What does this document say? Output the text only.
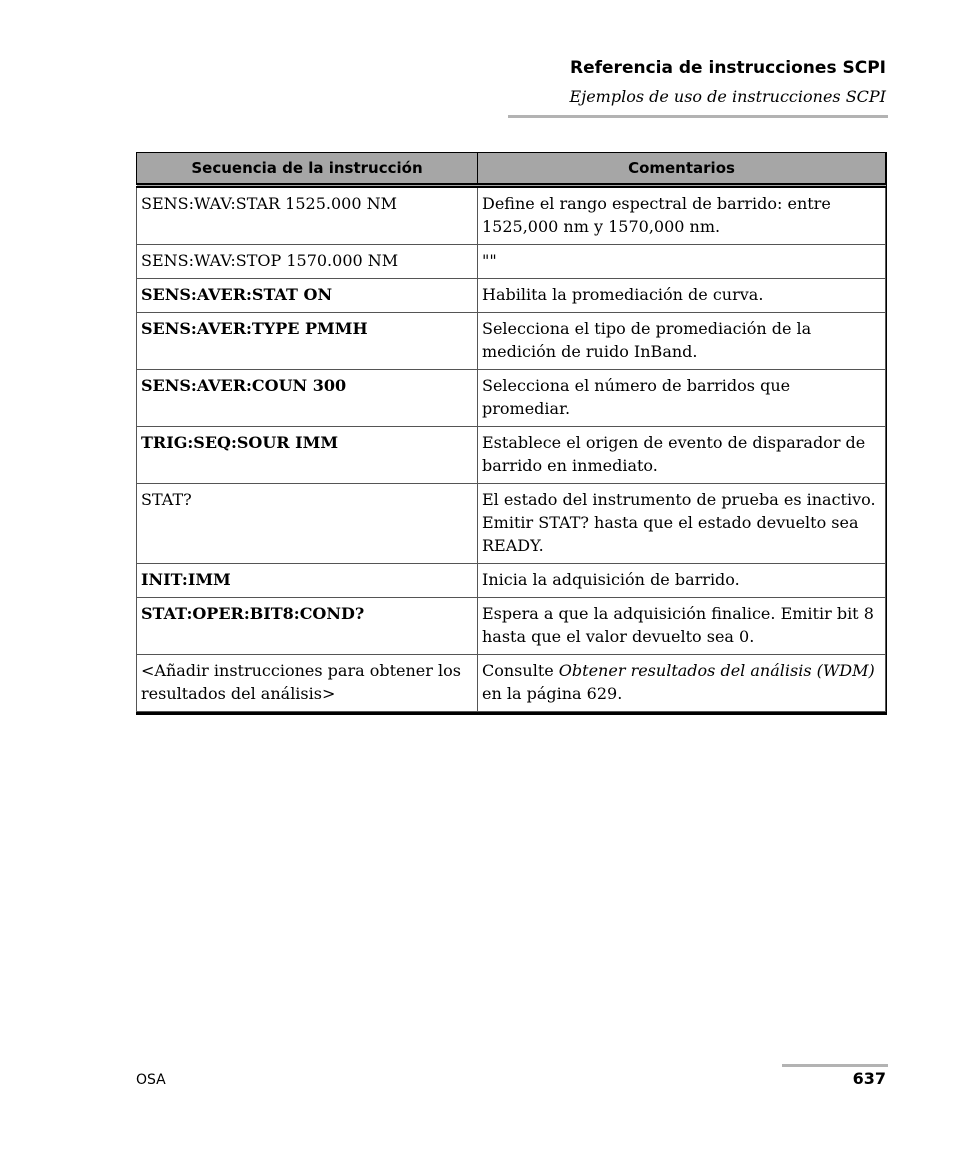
Referencia de instrucciones SCPI
Ejemplos de uso de instrucciones SCPI
Secuencia de la instrucción	Comentarios
SENS:WAV:STAR 1525.000 NM	Define el rango espectral de barrido: entre 1525,000 nm y 1570,000 nm.
SENS:WAV:STOP 1570.000 NM	""
SENS:AVER:STAT ON	Habilita la promediación de curva.
SENS:AVER:TYPE PMMH	Selecciona el tipo de promediación de la medición de ruido InBand.
SENS:AVER:COUN 300	Selecciona el número de barridos que promediar.
TRIG:SEQ:SOUR IMM	Establece el origen de evento de disparador de barrido en inmediato.
STAT?	El estado del instrumento de prueba es inactivo. Emitir STAT? hasta que el estado devuelto sea READY.
INIT:IMM	Inicia la adquisición de barrido.
STAT:OPER:BIT8:COND?	Espera a que la adquisición finalice. Emitir bit 8 hasta que el valor devuelto sea 0.
<Añadir instrucciones para obtener los resultados del análisis>	Consulte Obtener resultados del análisis (WDM) en la página 629.
OSA	637
